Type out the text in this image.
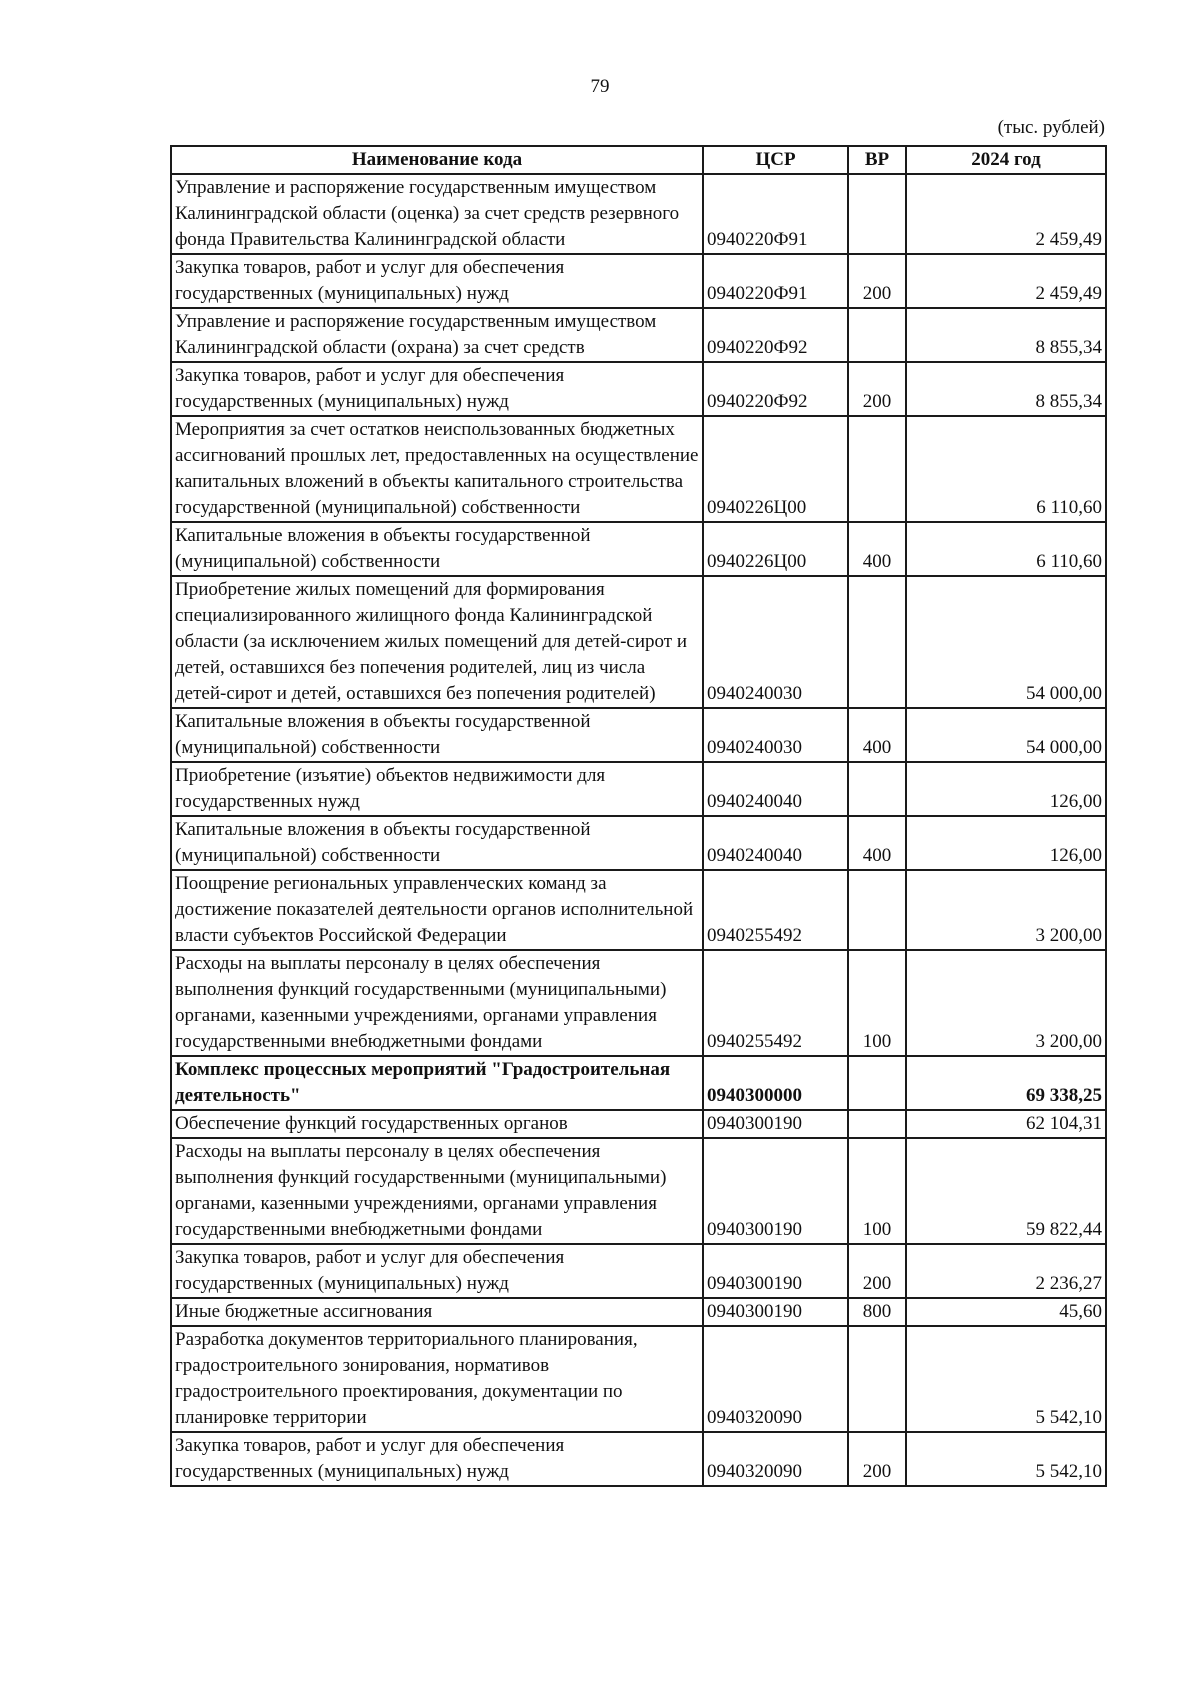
79
(тыс. рублей)
Наименование кода	ЦСР	ВР	2024 год
Управление и распоряжение государственным имуществом Калининградской области (оценка) за счет средств резервного фонда Правительства Калининградской области	0940220Ф91		2 459,49
Закупка товаров, работ и услуг для обеспечения государственных (муниципальных) нужд	0940220Ф91	200	2 459,49
Управление и распоряжение государственным имуществом Калининградской области (охрана) за счет средств	0940220Ф92		8 855,34
Закупка товаров, работ и услуг для обеспечения государственных (муниципальных) нужд	0940220Ф92	200	8 855,34
Мероприятия за счет остатков неиспользованных бюджетных ассигнований прошлых лет, предоставленных на осуществление капитальных вложений в объекты капитального строительства государственной (муниципальной) собственности	0940226Ц00		6 110,60
Капитальные вложения в объекты государственной (муниципальной) собственности	0940226Ц00	400	6 110,60
Приобретение жилых помещений для формирования специализированного жилищного фонда Калининградской области (за исключением жилых помещений для детей-сирот и детей, оставшихся без попечения родителей, лиц из числа детей-сирот и детей, оставшихся без попечения родителей)	0940240030		54 000,00
Капитальные вложения в объекты государственной (муниципальной) собственности	0940240030	400	54 000,00
Приобретение (изъятие) объектов недвижимости для государственных нужд	0940240040		126,00
Капитальные вложения в объекты государственной (муниципальной) собственности	0940240040	400	126,00
Поощрение региональных управленческих команд за достижение показателей деятельности органов исполнительной власти субъектов Российской Федерации	0940255492		3 200,00
Расходы на выплаты персоналу в целях обеспечения выполнения функций государственными (муниципальными) органами, казенными учреждениями, органами управления государственными внебюджетными фондами	0940255492	100	3 200,00
Комплекс процессных мероприятий "Градостроительная деятельность"	0940300000		69 338,25
Обеспечение функций государственных органов	0940300190		62 104,31
Расходы на выплаты персоналу в целях обеспечения выполнения функций государственными (муниципальными) органами, казенными учреждениями, органами управления государственными внебюджетными фондами	0940300190	100	59 822,44
Закупка товаров, работ и услуг для обеспечения государственных (муниципальных) нужд	0940300190	200	2 236,27
Иные бюджетные ассигнования	0940300190	800	45,60
Разработка документов территориального планирования, градостроительного зонирования, нормативов градостроительного проектирования, документации по планировке территории	0940320090		5 542,10
Закупка товаров, работ и услуг для обеспечения государственных (муниципальных) нужд	0940320090	200	5 542,10
